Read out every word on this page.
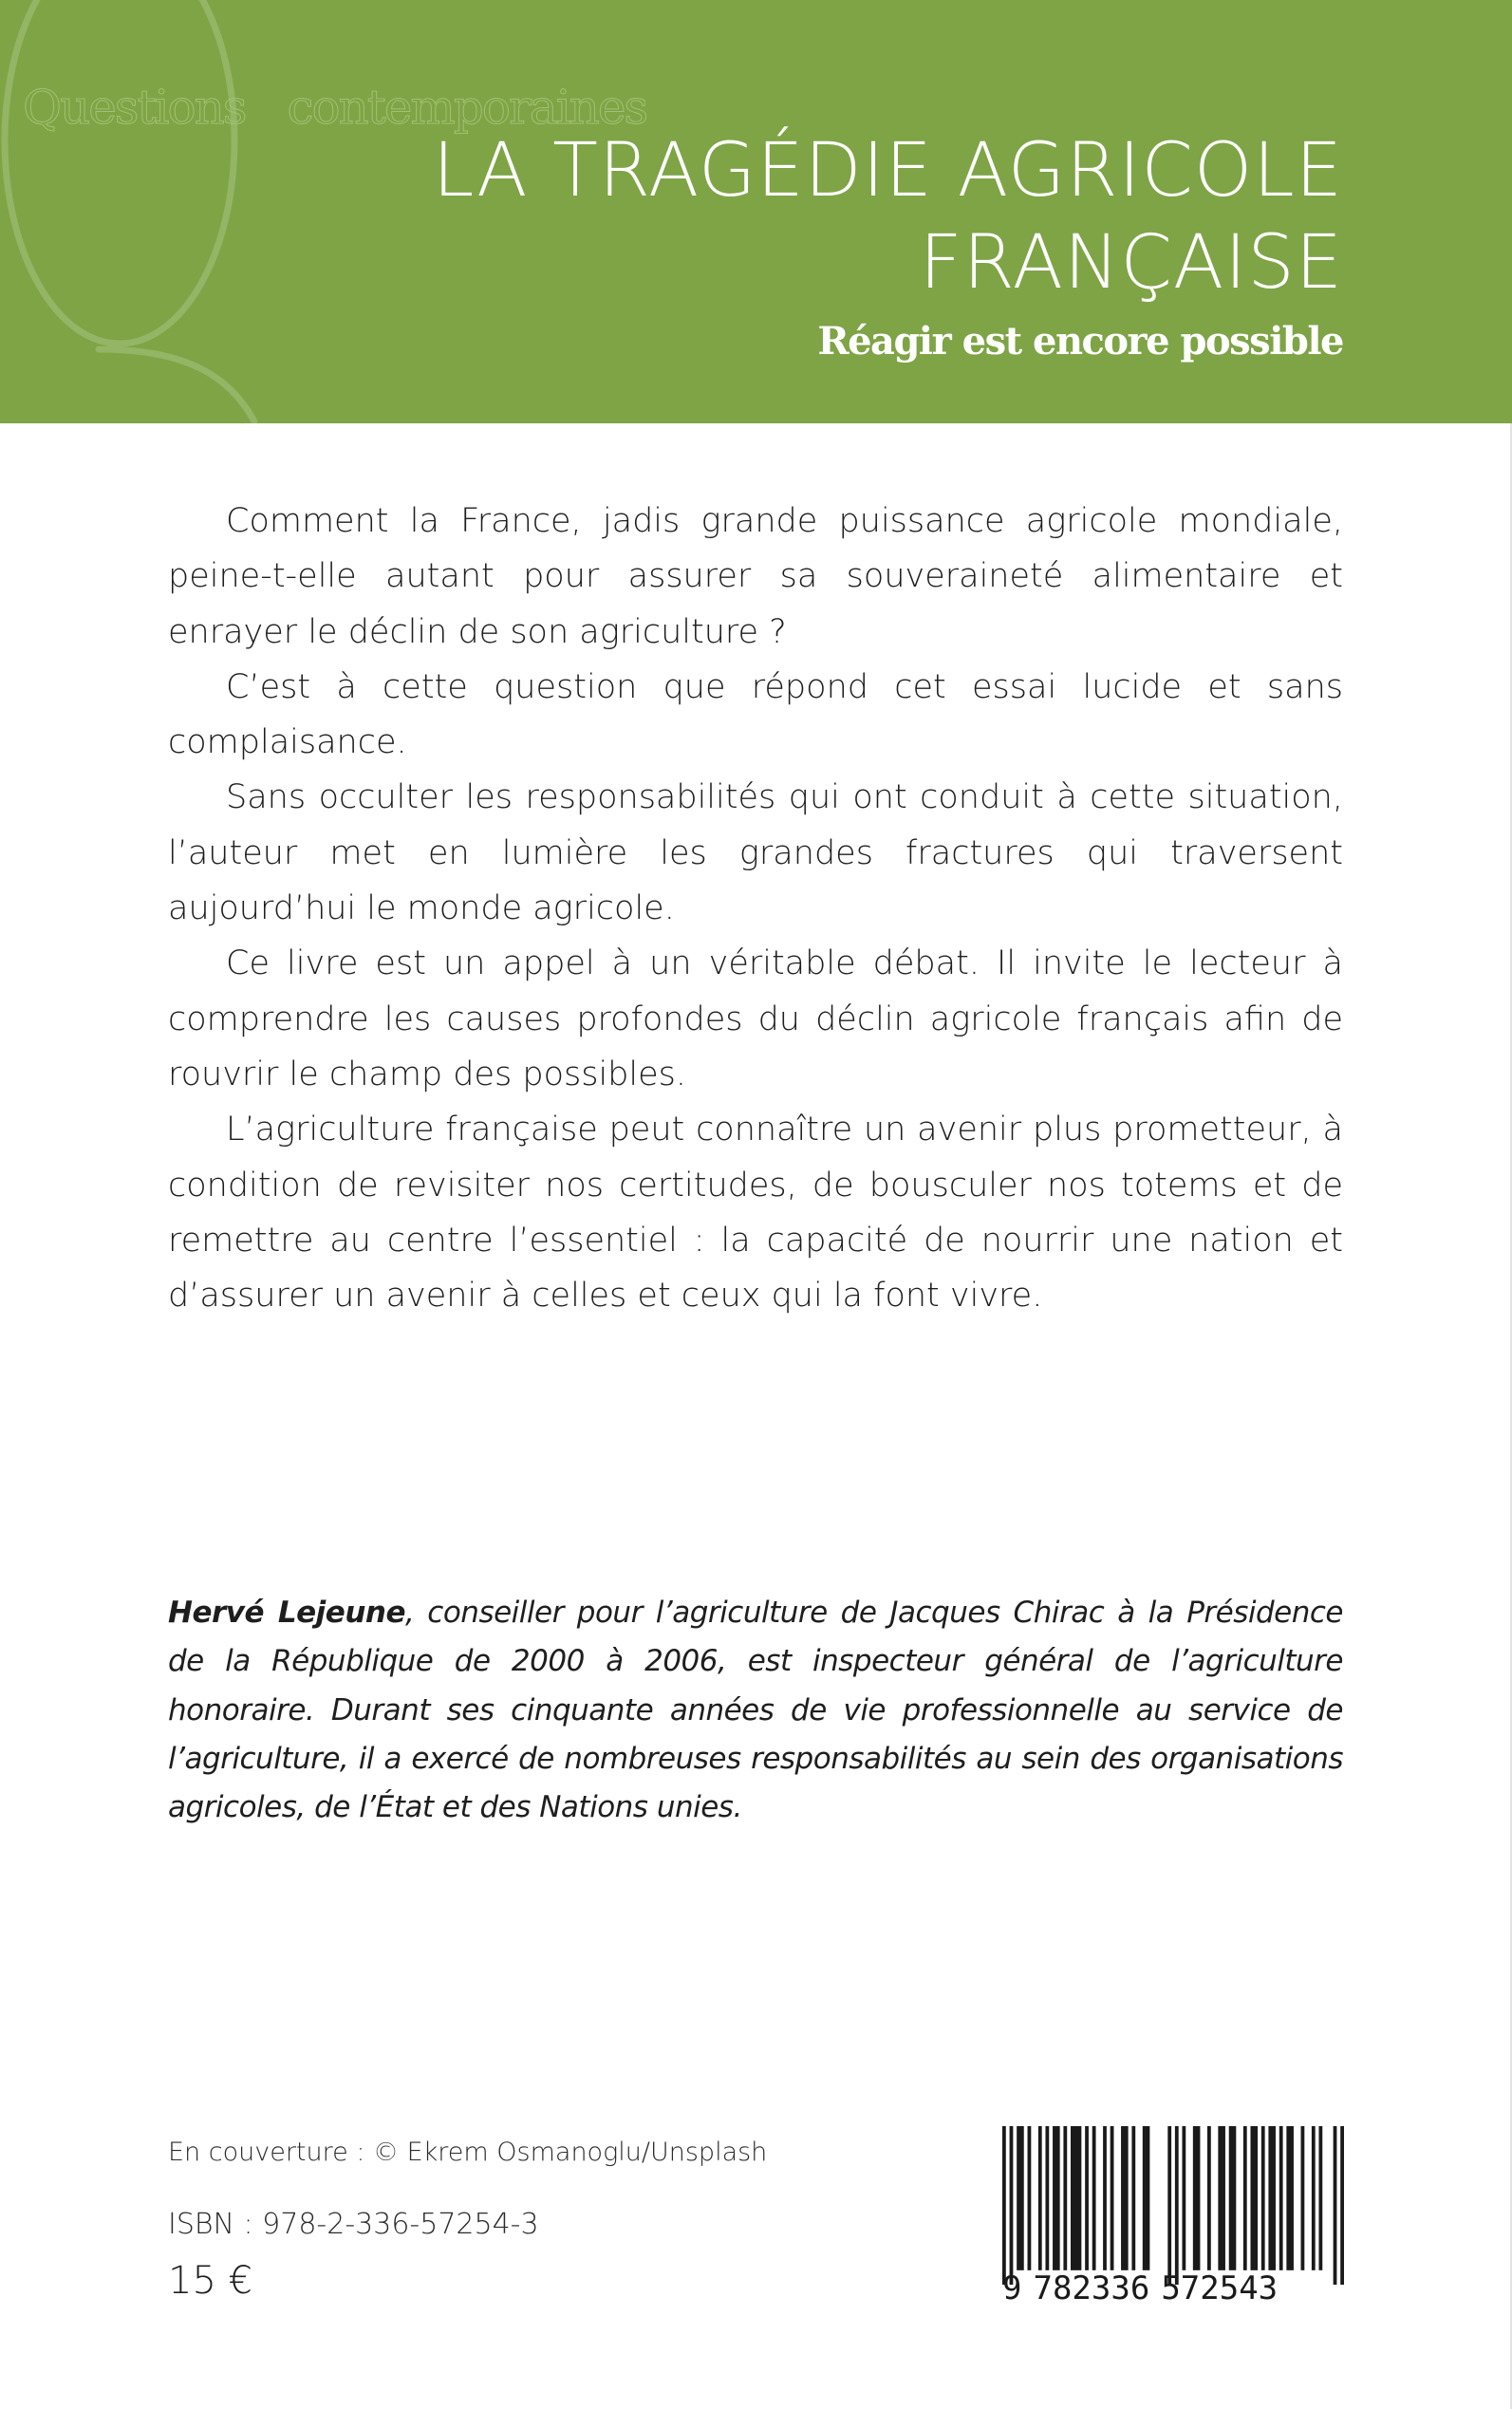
Questions contemporaines
LA TRAGÉDIE AGRICOLE
FRANÇAISE
Réagir est encore possible

Comment la France, jadis grande puissance agricole mondiale, peine-t-elle autant pour assurer sa souveraineté alimentaire et enrayer le déclin de son agriculture ?

C’est à cette question que répond cet essai lucide et sans complaisance.

Sans occulter les responsabilités qui ont conduit à cette situation, l’auteur met en lumière les grandes fractures qui traversent aujourd’hui le monde agricole.

Ce livre est un appel à un véritable débat. Il invite le lecteur à comprendre les causes profondes du déclin agricole français afin de rouvrir le champ des possibles.

L’agriculture française peut connaître un avenir plus prometteur, à condition de revisiter nos certitudes, de bousculer nos totems et de remettre au centre l’essentiel : la capacité de nourrir une nation et d’assurer un avenir à celles et ceux qui la font vivre.

Hervé Lejeune, conseiller pour l’agriculture de Jacques Chirac à la Présidence de la République de 2000 à 2006, est inspecteur général de l’agriculture honoraire. Durant ses cinquante années de vie professionnelle au service de l’agriculture, il a exercé de nombreuses responsabilités au sein des organisations agricoles, de l’État et des Nations unies.
En couverture : © Ekrem Osmanoglu/Unsplash
ISBN : 978-2-336-57254-3
15 €	9 782336 572543
